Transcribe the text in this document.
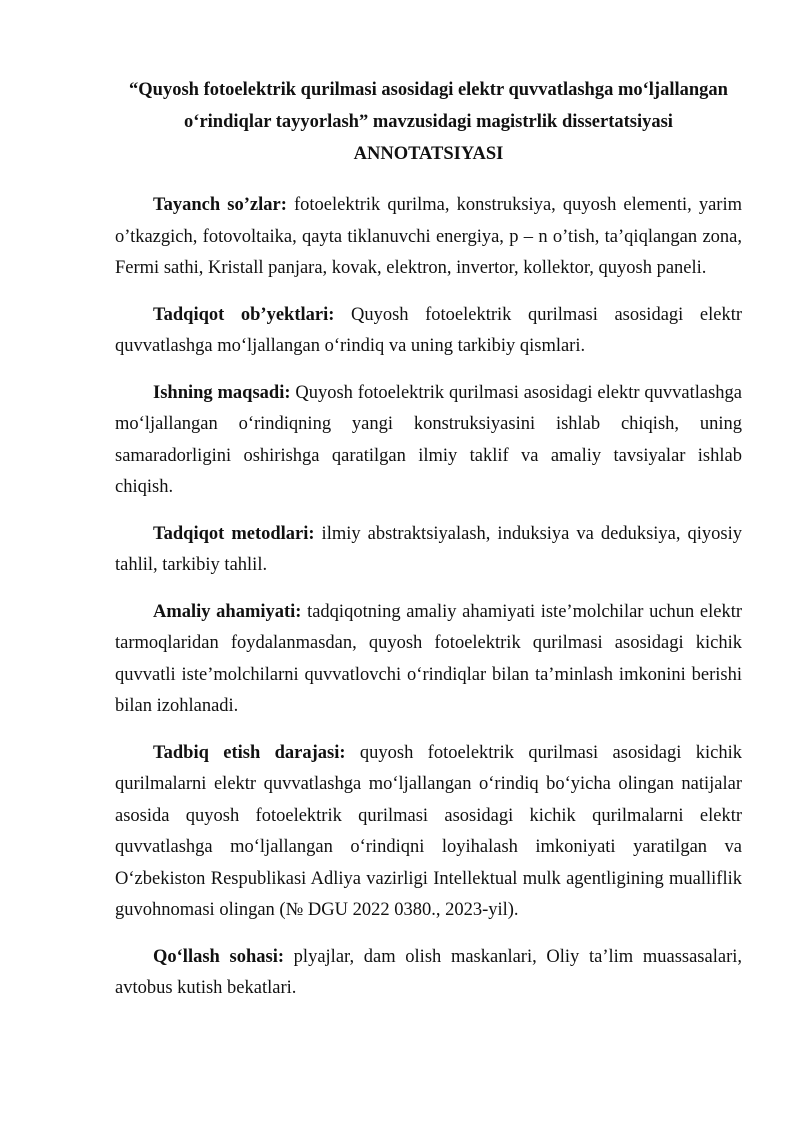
“Quyosh fotoelektrik qurilmasi asosidagi elektr quvvatlashga mo‘ljallangan
o‘rindiqlar tayyorlash” mavzusidagi magistrlik dissertatsiyasi

ANNOTATSIYASI

Tayanch so’zlar: fotoelektrik qurilma, konstruksiya, quyosh elementi, yarim o’tkazgich, fotovoltaika, qayta tiklanuvchi energiya, p – n o’tish, ta’qiqlangan zona, Fermi sathi, Kristall panjara, kovak, elektron, invertor, kollektor, quyosh paneli.

Tadqiqot ob’yektlari: Quyosh fotoelektrik qurilmasi asosidagi elektr quvvatlashga mo‘ljallangan o‘rindiq va uning tarkibiy qismlari.

Ishning maqsadi: Quyosh fotoelektrik qurilmasi asosidagi elektr quvvatlashga mo‘ljallangan o‘rindiqning yangi konstruksiyasini ishlab chiqish, uning samaradorligini oshirishga qaratilgan ilmiy taklif va amaliy tavsiyalar ishlab chiqish.

Tadqiqot metodlari: ilmiy abstraktsiyalash, induksiya va deduksiya, qiyosiy tahlil, tarkibiy tahlil.

Amaliy ahamiyati: tadqiqotning amaliy ahamiyati iste’molchilar uchun elektr tarmoqlaridan foydalanmasdan, quyosh fotoelektrik qurilmasi asosidagi kichik quvvatli iste’molchilarni quvvatlovchi o‘rindiqlar bilan ta’minlash imkonini berishi bilan izohlanadi.

Tadbiq etish darajasi: quyosh fotoelektrik qurilmasi asosidagi kichik qurilmalarni elektr quvvatlashga mo‘ljallangan o‘rindiq bo‘yicha olingan natijalar asosida quyosh fotoelektrik qurilmasi asosidagi kichik qurilmalarni elektr quvvatlashga mo‘ljallangan o‘rindiqni loyihalash imkoniyati yaratilgan va O‘zbekiston Respublikasi Adliya vazirligi Intellektual mulk agentligining mualliflik guvohnomasi olingan (№ DGU 2022 0380., 2023-yil).

Qo‘llash sohasi: plyajlar, dam olish maskanlari, Oliy ta’lim muassasalari, avtobus kutish bekatlari.
